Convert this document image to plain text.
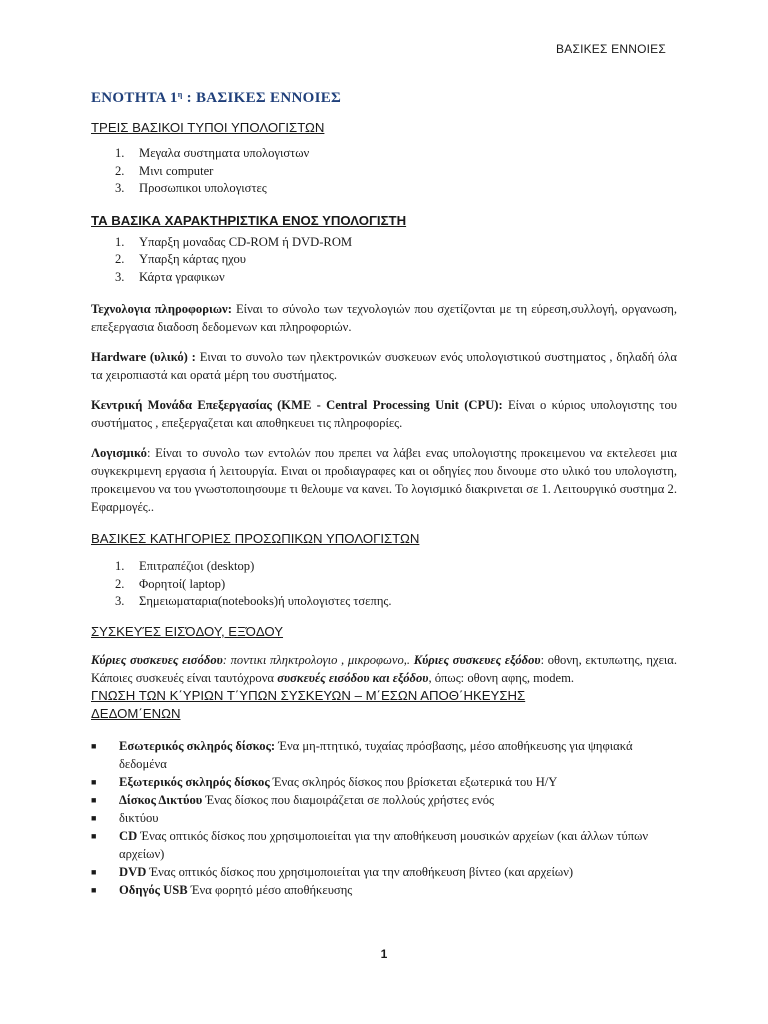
ΒΑΣΙΚΕΣ ΕΝΝΟΙΕΣ
ΕΝΟΤΗΤΑ $1^\eta$ : ΒΑΣΙΚΕΣ ΕΝΝΟΙΕΣ
ΤΡΕΙΣ ΒΑΣΙΚΟΙ ΤΥΠΟΙ ΥΠΟΛΟΓΙΣΤΩΝ
1.	Μεγαλα συστηματα υπολογιστων
2.	Μινι computer
3.	Προσωπικοι υπολογιστες
ΤΑ ΒΑΣΙΚΑ ΧΑΡΑΚΤΗΡΙΣΤΙΚΑ ΕΝΟΣ ΥΠΟΛΟΓΙΣΤΗ
1.	Υπαρξη μοναδας CD-ROM ή DVD-ROM
2.	Υπαρξη κάρτας ηχου
3.	Κάρτα γραφικων

Τεχνολογια πληροφοριων: Είναι το σύνολο των τεχνολογιών που σχετίζονται με τη εύρεση,συλλογή, οργανωση, επεξεργασια διαδοση δεδομενων και πληροφοριών.

Hardware (υλικό) : Ειναι το συνολο των ηλεκτρονικών συσκευων ενός υπολογιστικού συστηματος , δηλαδή όλα τα χειροπιαστά και ορατά μέρη του συστήματος.

Κεντρική Μονάδα Επεξεργασίας (ΚΜΕ - Central Processing Unit (CPU): Είναι ο κύριος υπολογιστης του συστήματος , επεξεργαζεται και αποθηκευει τις πληροφορίες.

Λογισμικό: Είναι το συνολο των εντολών που πρεπει να λάβει ενας υπολογιστης προκειμενου να εκτελεσει μια συγκεκριμενη εργασια ή λειτουργία. Ειναι οι προδιαγραφες και οι οδηγίες που δινουμε στο υλικό του υπολογιστη, προκειμενου να του γνωστοποιησουμε τι θελουμε να κανει. Το λογισμικό διακρινεται σε 1. Λειτουργικό συστημα 2. Εφαρμογές..

ΒΑΣΙΚΕΣ ΚΑΤΗΓΟΡΙΕΣ ΠΡΟΣΩΠΙΚΩΝ ΥΠΟΛΟΓΙΣΤΩΝ
1.	Επιτραπέζιοι (desktop)
2.	Φορητοί( laptop)
3.	Σημειωματαρια(notebooks)ή υπολογιστες τσεπης.
ΣΥΣΚΕΥΈΣ ΕΙΣΌΔΟΥ, ΕΞΌΔΟΥ

Κύριες συσκευες εισόδου: ποντικι πληκτρολογιο , μικροφωνο,. Κύριες συσκευες εξόδου: οθονη, εκτυπωτης, ηχεια. Κάποιες συσκευές είναι ταυτόχρονα συσκευές εισόδου και εξόδου, όπως: οθονη αφης, modem.

ΓΝΩΣΗ ΤΩΝ Κ΄ΥΡΙΩΝ Τ΄ΥΠΩΝ ΣΥΣΚΕΥΩΝ – Μ΄ΕΣΩΝ ΑΠΟΘ΄ΗΚΕΥΣΗΣ ΔΕΔΟΜ΄ΕΝΩΝ
■	Εσωτερικός σκληρός δίσκος: Ένα μη-πτητικό, τυχαίας πρόσβασης, μέσο αποθήκευσης για ψηφιακά δεδομένα
■	Εξωτερικός σκληρός δίσκος Ένας σκληρός δίσκος που βρίσκεται εξωτερικά του Η/Υ
■	Δίσκος Δικτύου Ένας δίσκος που διαμοιράζεται σε πολλούς χρήστες ενός
■	δικτύου
■	CD Ένας οπτικός δίσκος που χρησιμοποιείται για την αποθήκευση μουσικών αρχείων (και άλλων τύπων αρχείων)
■	DVD Ένας οπτικός δίσκος που χρησιμοποιείται για την αποθήκευση βίντεο (και αρχείων)
■	Οδηγός USB Ένα φορητό μέσο αποθήκευσης
1
